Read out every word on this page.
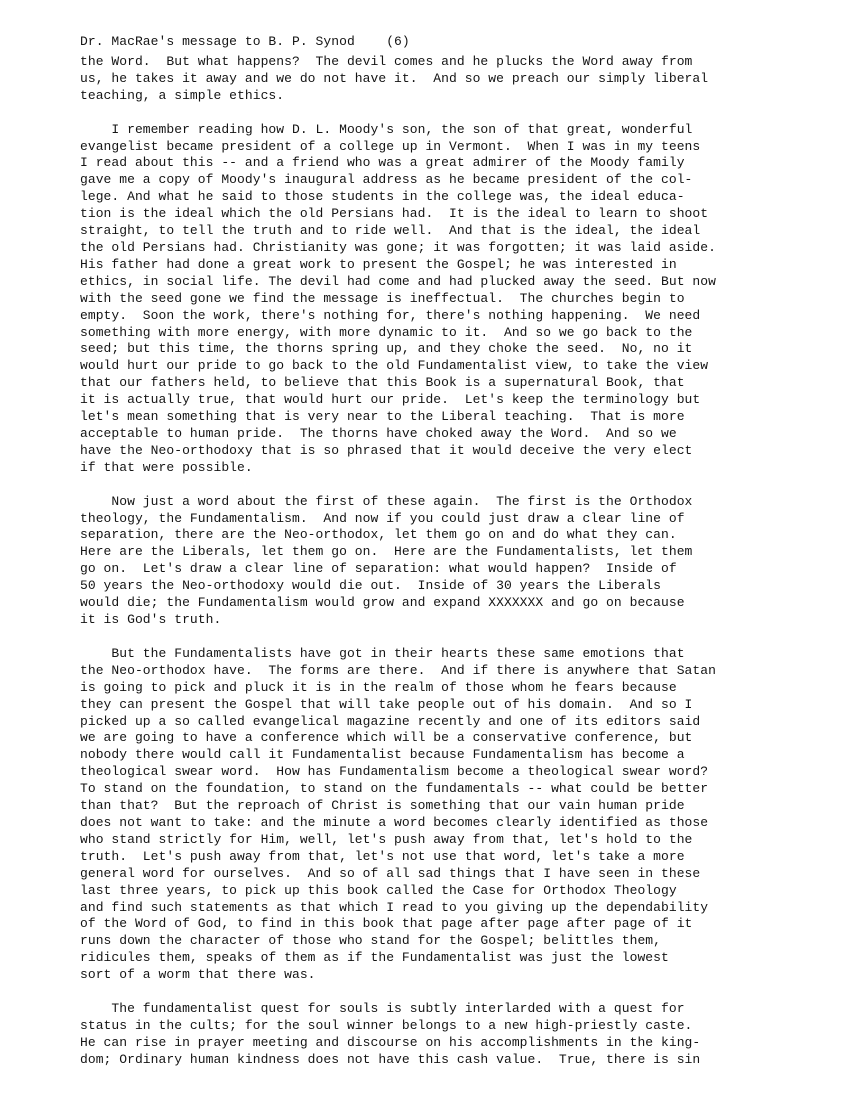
Dr. MacRae's message to B. P. Synod    (6)
the Word.  But what happens?  The devil comes and he plucks the Word away from
us, he takes it away and we do not have it.  And so we preach our simply liberal
teaching, a simple ethics.
I remember reading how D. L. Moody's son, the son of that great, wonderful
evangelist became president of a college up in Vermont.  When I was in my teens
I read about this -- and a friend who was a great admirer of the Moody family
gave me a copy of Moody's inaugural address as he became president of the col-
lege. And what he said to those students in the college was, the ideal educa-
tion is the ideal which the old Persians had.  It is the ideal to learn to shoot
straight, to tell the truth and to ride well.  And that is the ideal, the ideal
the old Persians had. Christianity was gone; it was forgotten; it was laid aside.
His father had done a great work to present the Gospel; he was interested in
ethics, in social life. The devil had come and had plucked away the seed. But now
with the seed gone we find the message is ineffectual.  The churches begin to
empty.  Soon the work, there's nothing for, there's nothing happening.  We need
something with more energy, with more dynamic to it.  And so we go back to the
seed; but this time, the thorns spring up, and they choke the seed.  No, no it
would hurt our pride to go back to the old Fundamentalist view, to take the view
that our fathers held, to believe that this Book is a supernatural Book, that
it is actually true, that would hurt our pride.  Let's keep the terminology but
let's mean something that is very near to the Liberal teaching.  That is more
acceptable to human pride.  The thorns have choked away the Word.  And so we
have the Neo-orthodoxy that is so phrased that it would deceive the very elect
if that were possible.
Now just a word about the first of these again.  The first is the Orthodox
theology, the Fundamentalism.  And now if you could just draw a clear line of
separation, there are the Neo-orthodox, let them go on and do what they can.
Here are the Liberals, let them go on.  Here are the Fundamentalists, let them
go on.  Let's draw a clear line of separation: what would happen?  Inside of
50 years the Neo-orthodoxy would die out.  Inside of 30 years the Liberals
would die; the Fundamentalism would grow and expand XXXXXXX and go on because
it is God's truth.
But the Fundamentalists have got in their hearts these same emotions that
the Neo-orthodox have.  The forms are there.  And if there is anywhere that Satan
is going to pick and pluck it is in the realm of those whom he fears because
they can present the Gospel that will take people out of his domain.  And so I
picked up a so called evangelical magazine recently and one of its editors said
we are going to have a conference which will be a conservative conference, but
nobody there would call it Fundamentalist because Fundamentalism has become a
theological swear word.  How has Fundamentalism become a theological swear word?
To stand on the foundation, to stand on the fundamentals -- what could be better
than that?  But the reproach of Christ is something that our vain human pride
does not want to take: and the minute a word becomes clearly identified as those
who stand strictly for Him, well, let's push away from that, let's hold to the
truth.  Let's push away from that, let's not use that word, let's take a more
general word for ourselves.  And so of all sad things that I have seen in these
last three years, to pick up this book called the Case for Orthodox Theology
and find such statements as that which I read to you giving up the dependability
of the Word of God, to find in this book that page after page after page of it
runs down the character of those who stand for the Gospel; belittles them,
ridicules them, speaks of them as if the Fundamentalist was just the lowest
sort of a worm that there was.
The fundamentalist quest for souls is subtly interlarded with a quest for
status in the cults; for the soul winner belongs to a new high-priestly caste.
He can rise in prayer meeting and discourse on his accomplishments in the king-
dom; Ordinary human kindness does not have this cash value.  True, there is sin
